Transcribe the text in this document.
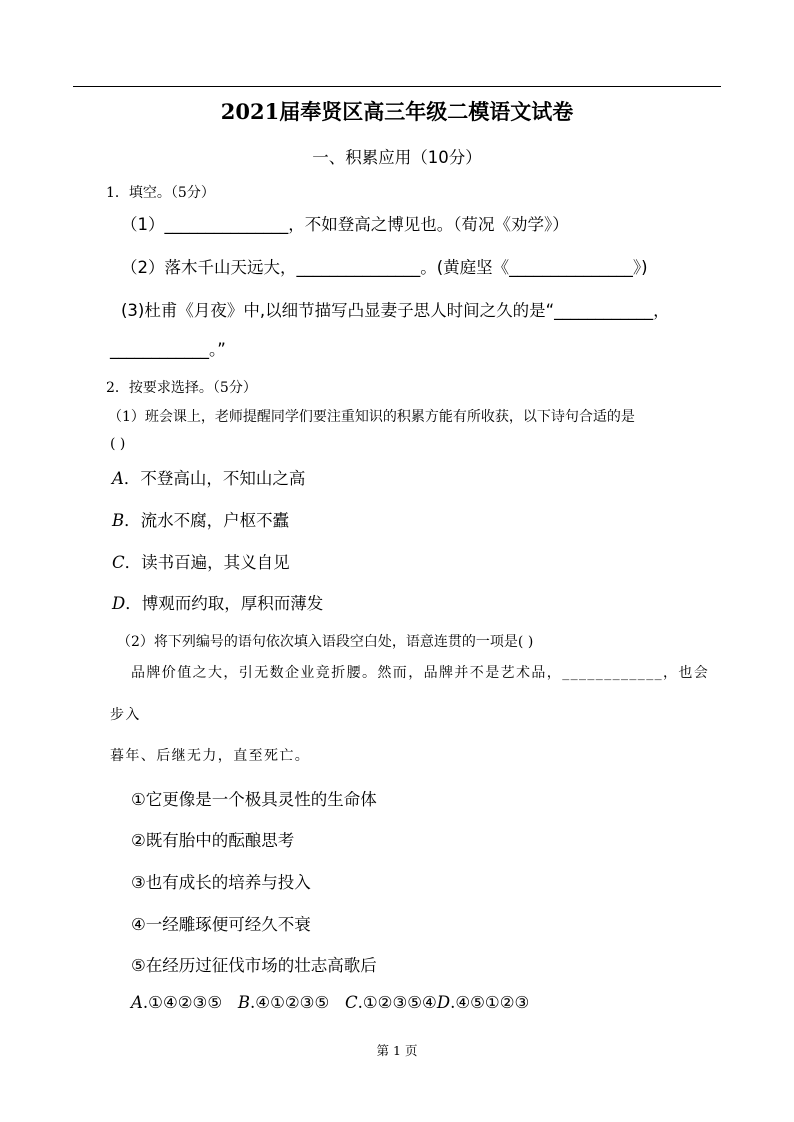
2021届奉贤区高三年级二模语文试卷
一、积累应用（10分）
1．填空。（5分）
（1）_______________，不如登高之博见也。（荀况《劝学》）
（2）落木千山天远大，_______________。(黄庭坚《_______________》)
(3)杜甫《月夜》中,以细节描写凸显妻子思人时间之久的是“____________，
____________。”
2．按要求选择。（5分）
（1）班会课上，老师提醒同学们要注重知识的积累方能有所收获，以下诗句合适的是
( )
A．不登高山，不知山之高
B．流水不腐，户枢不蠹
C．读书百遍，其义自见
D．博观而约取，厚积而薄发
（2）将下列编号的语句依次填入语段空白处，语意连贯的一项是( )
品牌价值之大，引无数企业竞折腰。然而，品牌并不是艺术品，____________，也会
步入
暮年、后继无力，直至死亡。
①它更像是一个极具灵性的生命体
②既有胎中的酝酿思考
③也有成长的培养与投入
④一经雕琢便可经久不衰
⑤在经历过征伐市场的壮志高歌后
A.①④②③⑤ B.④①②③⑤ C.①②③⑤④D.④⑤①②③
第 1 页
